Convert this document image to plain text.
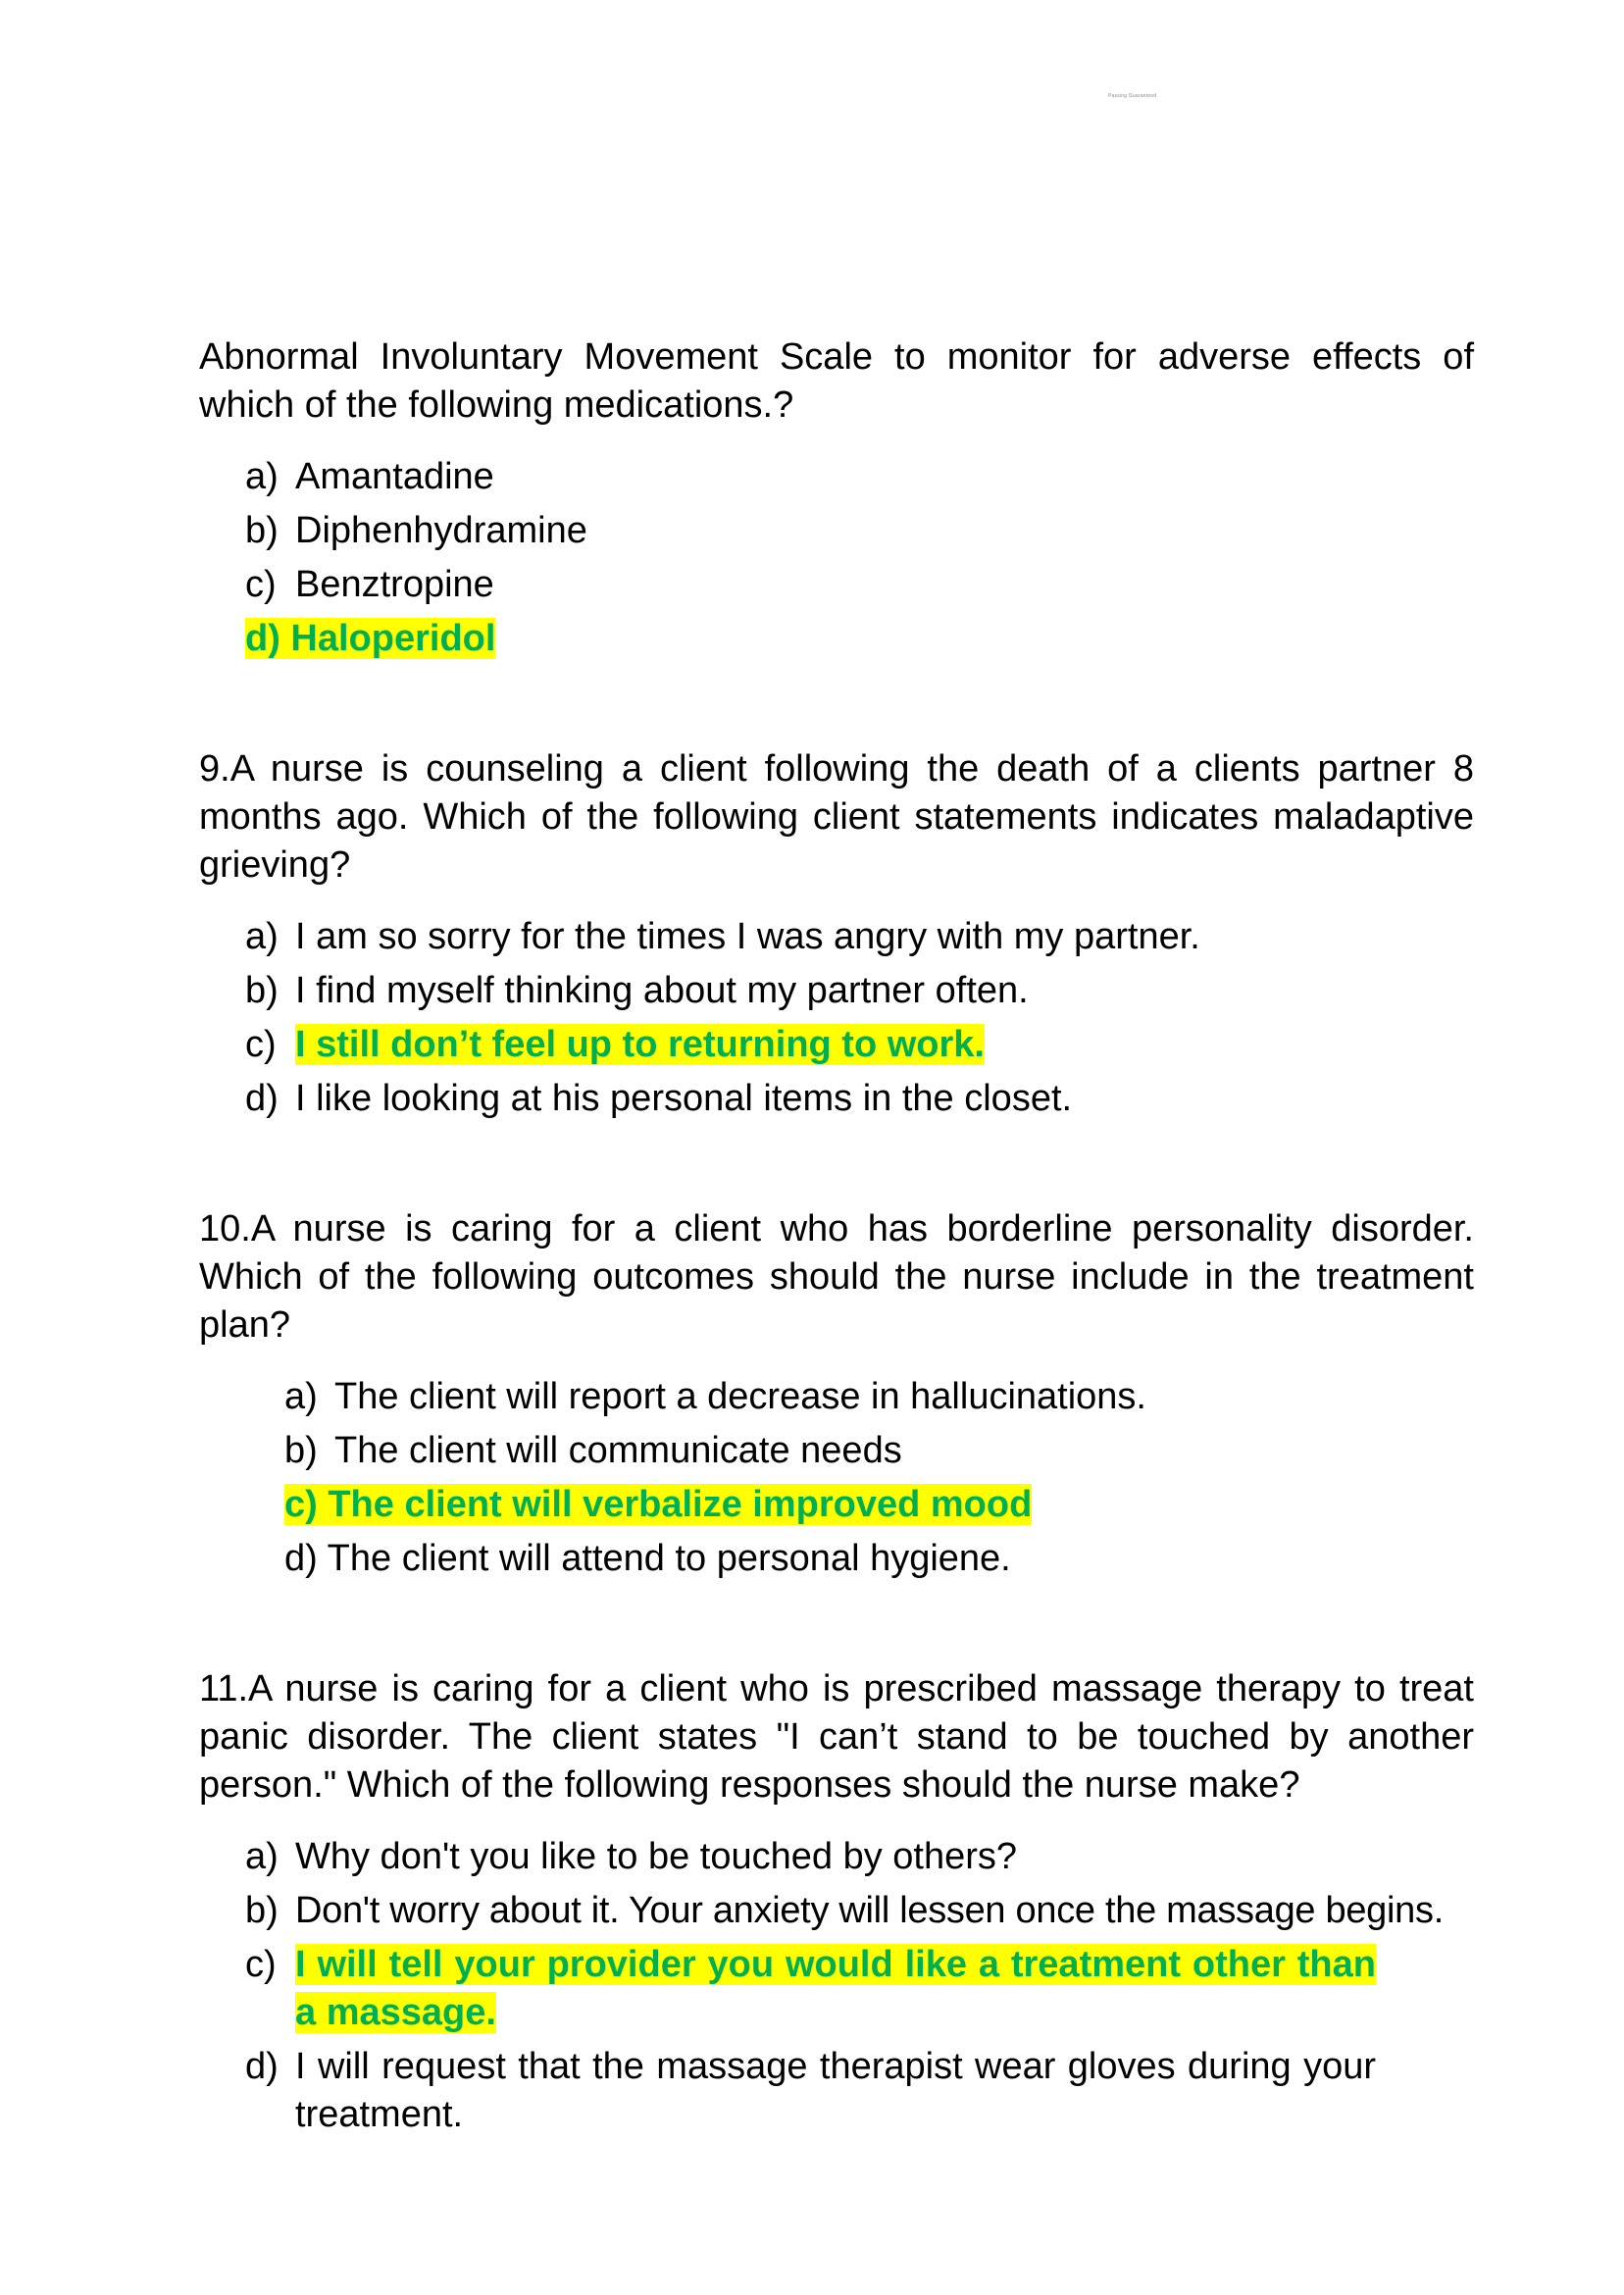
Passing Guaranteed

Abnormal Involuntary Movement Scale to monitor for adverse effects of which of the following medications.?

a) Amantadine
b) Diphenhydramine
c) Benztropine
d) Haloperidol

9.A nurse is counseling a client following the death of a clients partner 8 months ago. Which of the following client statements indicates maladaptive grieving?

a) I am so sorry for the times I was angry with my partner.
b) I find myself thinking about my partner often.
c) I still don’t feel up to returning to work.
d) I like looking at his personal items in the closet.

10.A nurse is caring for a client who has borderline personality disorder. Which of the following outcomes should the nurse include in the treatment plan?

a) The client will report a decrease in hallucinations.
b) The client will communicate needs
c) The client will verbalize improved mood
d) The client will attend to personal hygiene.

11.A nurse is caring for a client who is prescribed massage therapy to treat panic disorder. The client states "I can’t stand to be touched by another person." Which of the following responses should the nurse make?

a) Why don't you like to be touched by others?
b) Don't worry about it. Your anxiety will lessen once the massage begins.
c) I will tell your provider you would like a treatment other than a massage.
d) I will request that the massage therapist wear gloves during your treatment.
